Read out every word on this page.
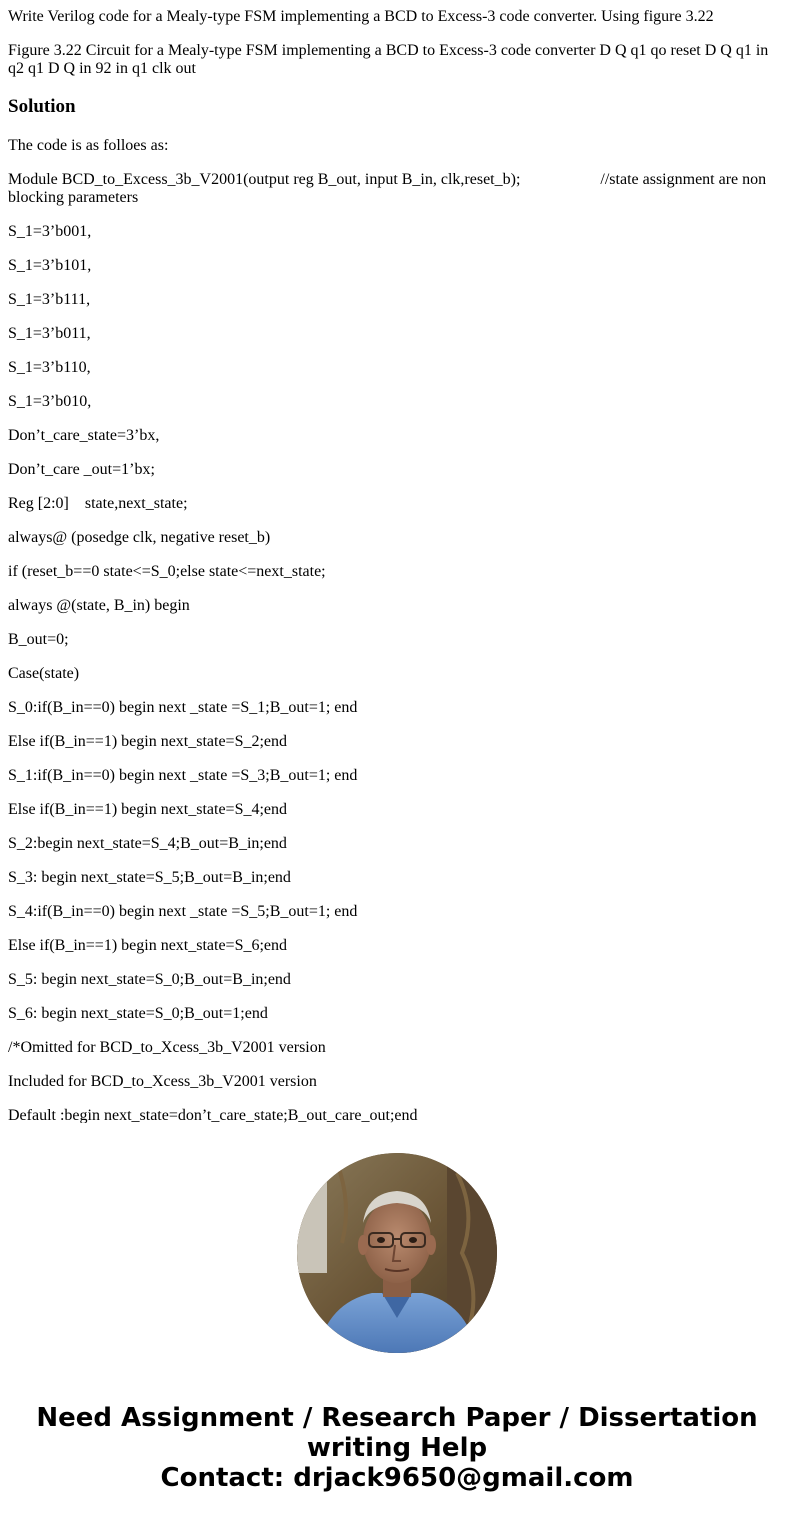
Write Verilog code for a Mealy-type FSM implementing a BCD to Excess-3 code converter. Using figure 3.22

Figure 3.22 Circuit for a Mealy-type FSM implementing a BCD to Excess-3 code converter D Q q1 qo reset D Q q1 in q2 q1 D Q in 92 in q1 clk out

Solution

The code is as folloes as:

Module BCD_to_Excess_3b_V2001(output reg B_out, input B_in, clk,reset_b);	//state assignment are non blocking parameters

S_1=3’b001,

S_1=3’b101,

S_1=3’b111,

S_1=3’b011,

S_1=3’b110,

S_1=3’b010,

Don’t_care_state=3’bx,

Don’t_care _out=1’bx;

Reg [2:0]    state,next_state;

always@ (posedge clk, negative reset_b)

if (reset_b==0 state<=S_0;else state<=next_state;

always @(state, B_in) begin

B_out=0;

Case(state)

S_0:if(B_in==0) begin next _state =S_1;B_out=1; end

Else if(B_in==1) begin next_state=S_2;end

S_1:if(B_in==0) begin next _state =S_3;B_out=1; end

Else if(B_in==1) begin next_state=S_4;end

S_2:begin next_state=S_4;B_out=B_in;end

S_3: begin next_state=S_5;B_out=B_in;end

S_4:if(B_in==0) begin next _state =S_5;B_out=1; end

Else if(B_in==1) begin next_state=S_6;end

S_5: begin next_state=S_0;B_out=B_in;end

S_6: begin next_state=S_0;B_out=1;end

/*Omitted for BCD_to_Xcess_3b_V2001 version

Included for BCD_to_Xcess_3b_V2001 version

Default :begin next_state=don’t_care_state;B_out_care_out;end

Need Assignment / Research Paper / Dissertation
writing Help
Contact: drjack9650@gmail.com
